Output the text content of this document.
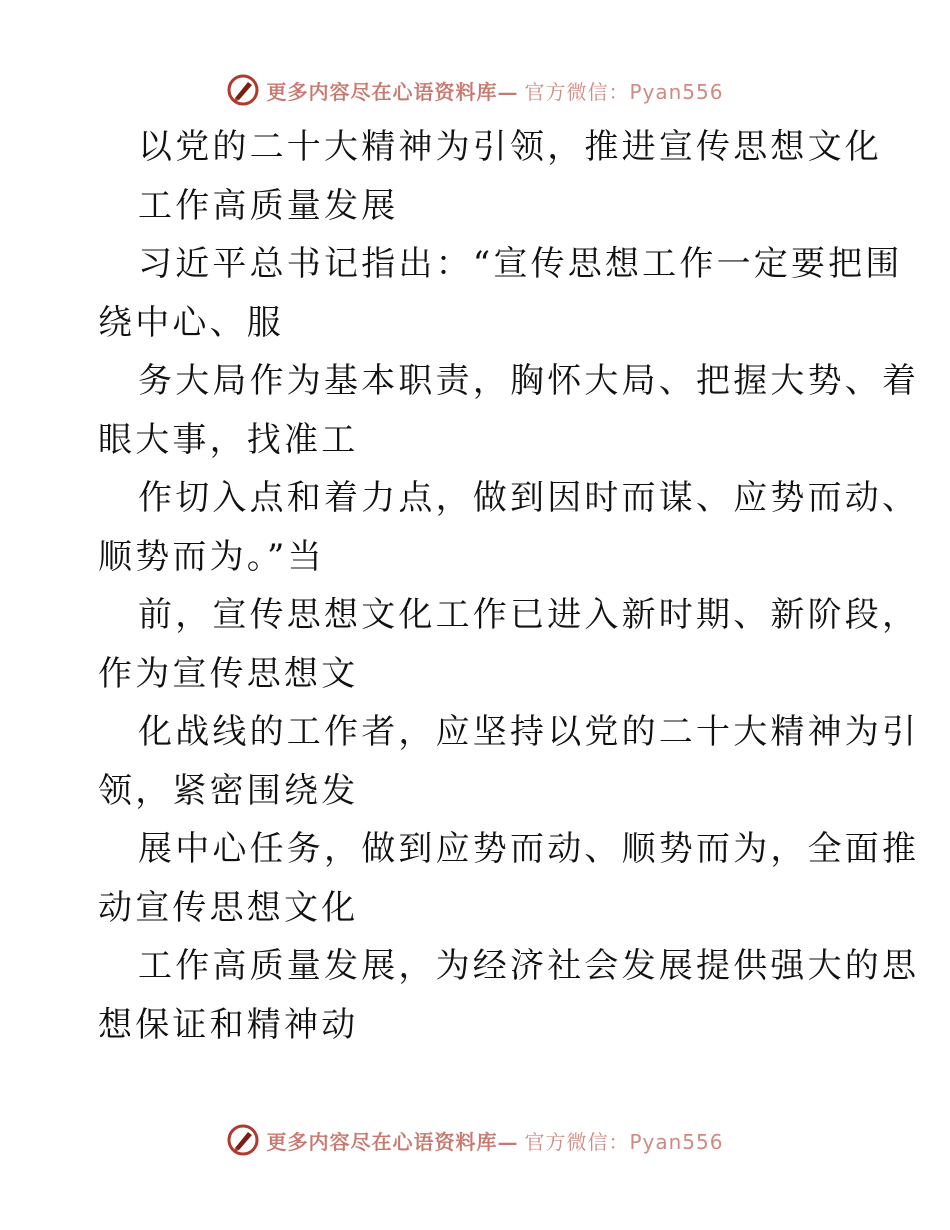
更多内容尽在心语资料库— 官方微信：Pyan556
以党的二十大精神为引领，推进宣传思想文化
工作高质量发展
习近平总书记指出：“宣传思想工作一定要把围
绕中心、服
务大局作为基本职责，胸怀大局、把握大势、着
眼大事，找准工
作切入点和着力点，做到因时而谋、应势而动、
顺势而为。”当
前，宣传思想文化工作已进入新时期、新阶段，
作为宣传思想文
化战线的工作者，应坚持以党的二十大精神为引
领，紧密围绕发
展中心任务，做到应势而动、顺势而为，全面推
动宣传思想文化
工作高质量发展，为经济社会发展提供强大的思
想保证和精神动
更多内容尽在心语资料库— 官方微信：Pyan556
